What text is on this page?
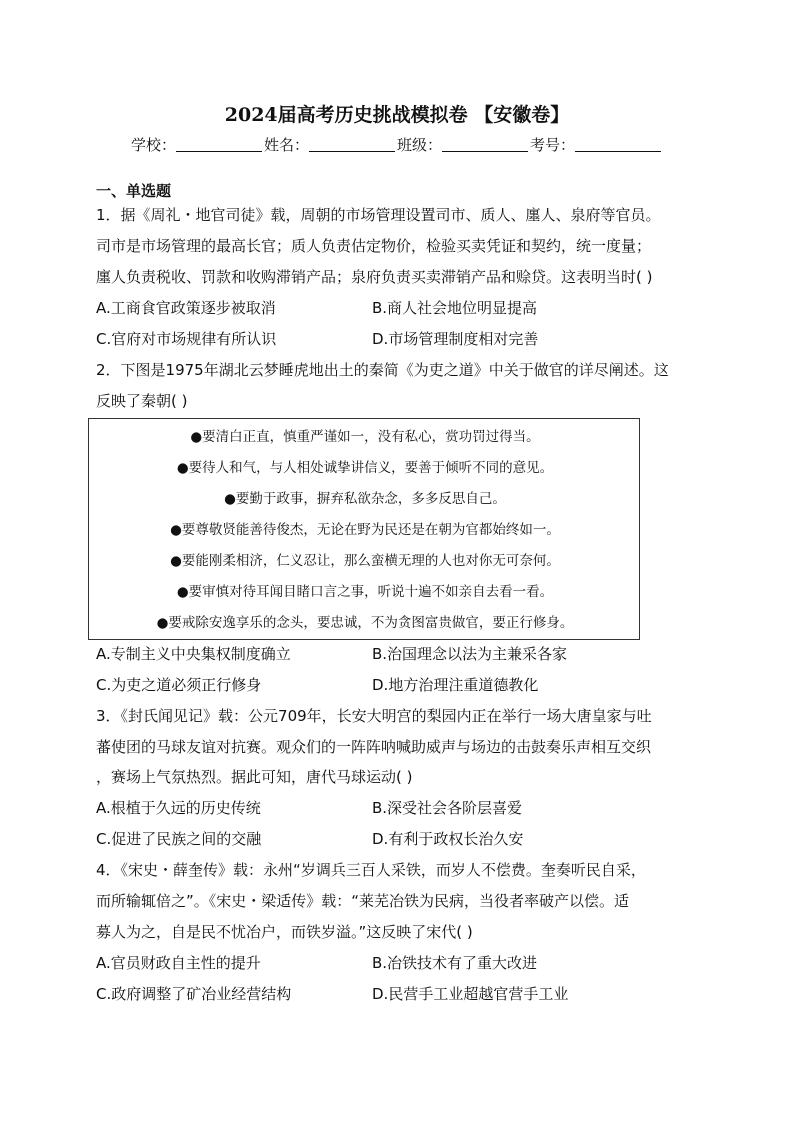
2024届高考历史挑战模拟卷 【安徽卷】
学校：	姓名：	班级：	考号：
一、单选题
1．据《周礼・地官司徒》载，周朝的市场管理设置司市、质人、廛人、泉府等官员。
司市是市场管理的最高长官；质人负责估定物价，检验买卖凭证和契约，统一度量；
廛人负责税收、罚款和收购滞销产品；泉府负责买卖滞销产品和赊贷。这表明当时( )
A.工商食官政策逐步被取消	B.商人社会地位明显提高
C.官府对市场规律有所认识	D.市场管理制度相对完善
2．下图是1975年湖北云梦睡虎地出土的秦简《为吏之道》中关于做官的详尽阐述。这
反映了秦朝( )
●要清白正直，慎重严谨如一，没有私心，赏功罚过得当。
●要待人和气，与人相处诚挚讲信义，要善于倾听不同的意见。
●要勤于政事，摒弃私欲杂念，多多反思自己。
●要尊敬贤能善待俊杰，无论在野为民还是在朝为官都始终如一。
●要能刚柔相济，仁义忍让，那么蛮横无理的人也对你无可奈何。
●要审慎对待耳闻目睹口言之事，听说十遍不如亲自去看一看。
●要戒除安逸享乐的念头，要忠诚，不为贪图富贵做官，要正行修身。
A.专制主义中央集权制度确立	B.治国理念以法为主兼采各家
C.为吏之道必须正行修身	D.地方治理注重道德教化
3．《封氏闻见记》载：公元709年，长安大明宫的梨园内正在举行一场大唐皇家与吐
蕃使团的马球友谊对抗赛。观众们的一阵阵呐喊助威声与场边的击鼓奏乐声相互交织
，赛场上气氛热烈。据此可知，唐代马球运动( )
A.根植于久远的历史传统	B.深受社会各阶层喜爱
C.促进了民族之间的交融	D.有利于政权长治久安
4．《宋史・薛奎传》载：永州“岁调兵三百人采铁，而岁人不偿费。奎奏听民自采，
而所输辄倍之”。《宋史・梁适传》载：“莱芜冶铁为民病，当役者率破产以偿。适
募人为之，自是民不忧冶户，而铁岁溢。”这反映了宋代( )
A.官员财政自主性的提升	B.冶铁技术有了重大改进
C.政府调整了矿冶业经营结构	D.民营手工业超越官营手工业
